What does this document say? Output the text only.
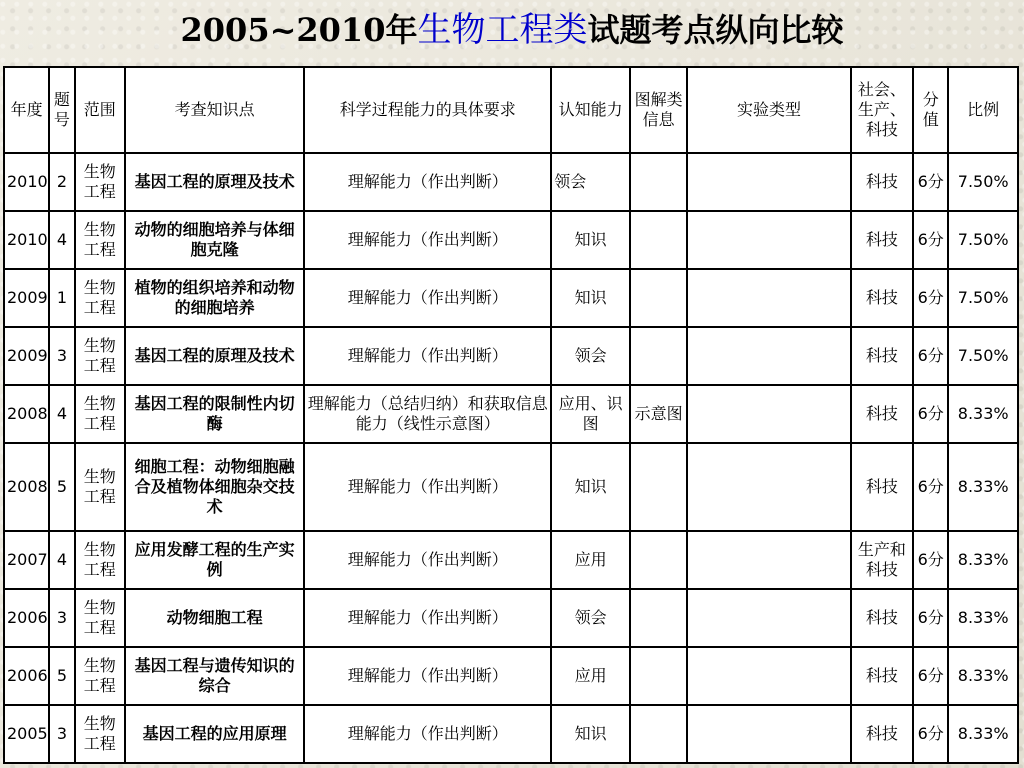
2005~2010年生物工程类试题考点纵向比较
年度	题号	范围	考查知识点	科学过程能力的具体要求	认知能力	图解类信息	实验类型	社会、生产、科技	分值	比例
2010	2	生物工程	基因工程的原理及技术	理解能力（作出判断）	领会			科技	6分	7.50%
2010	4	生物工程	动物的细胞培养与体细胞克隆	理解能力（作出判断）	知识			科技	6分	7.50%
2009	1	生物工程	植物的组织培养和动物的细胞培养	理解能力（作出判断）	知识			科技	6分	7.50%
2009	3	生物工程	基因工程的原理及技术	理解能力（作出判断）	领会			科技	6分	7.50%
2008	4	生物工程	基因工程的限制性内切酶	理解能力（总结归纳）和获取信息能力（线性示意图）	应用、识图	示意图		科技	6分	8.33%
2008	5	生物工程	细胞工程：动物细胞融合及植物体细胞杂交技术	理解能力（作出判断）	知识			科技	6分	8.33%
2007	4	生物工程	应用发酵工程的生产实例	理解能力（作出判断）	应用			生产和科技	6分	8.33%
2006	3	生物工程	动物细胞工程	理解能力（作出判断）	领会			科技	6分	8.33%
2006	5	生物工程	基因工程与遗传知识的综合	理解能力（作出判断）	应用			科技	6分	8.33%
2005	3	生物工程	基因工程的应用原理	理解能力（作出判断）	知识			科技	6分	8.33%
